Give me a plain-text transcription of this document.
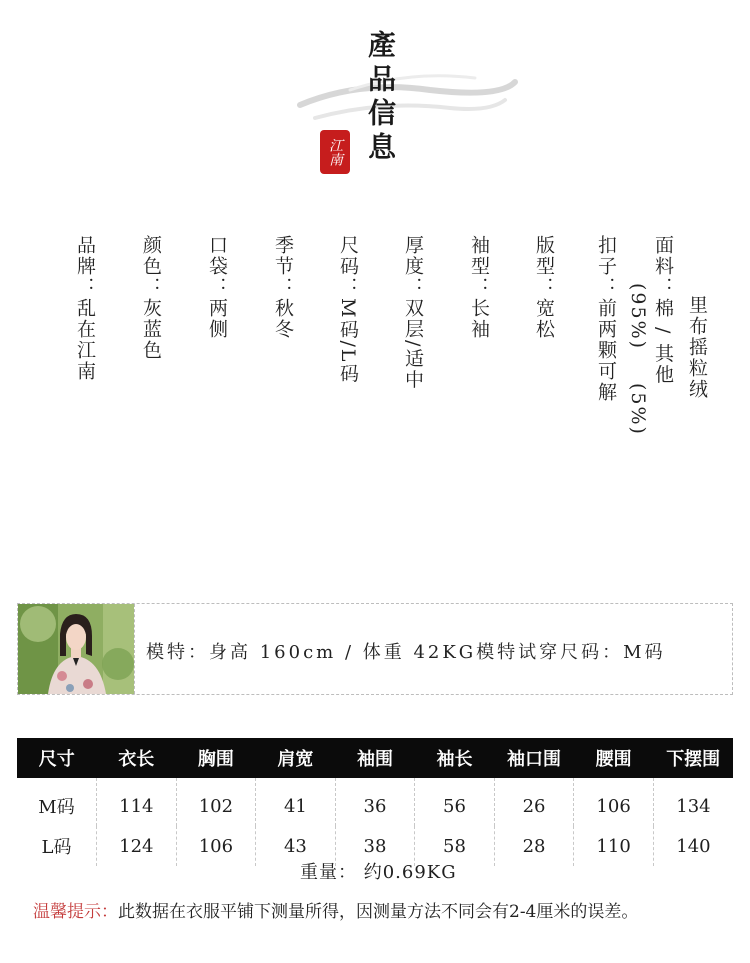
產品信息
江南
品牌：乱在江南 颜色：灰蓝色 口袋：两侧 季节：秋冬 尺码：M码/L码 厚度：双层/适中 袖型：长袖 版型：宽松 扣子：前两颗可解 (95%) 面料：棉 / 其他
(5%)
里布摇粒绒
模特：身高 160cm / 体重 42KG模特试穿尺码：M码
尺寸	衣长	胸围	肩宽	袖围	袖长	袖口围	腰围	下摆围
M码	114	102	41	36	56	26	106	134
L码	124	106	43	38	58	28	110	140
重量： 约0.69KG
温馨提示：此数据在衣服平铺下测量所得，因测量方法不同会有2-4厘米的误差。
